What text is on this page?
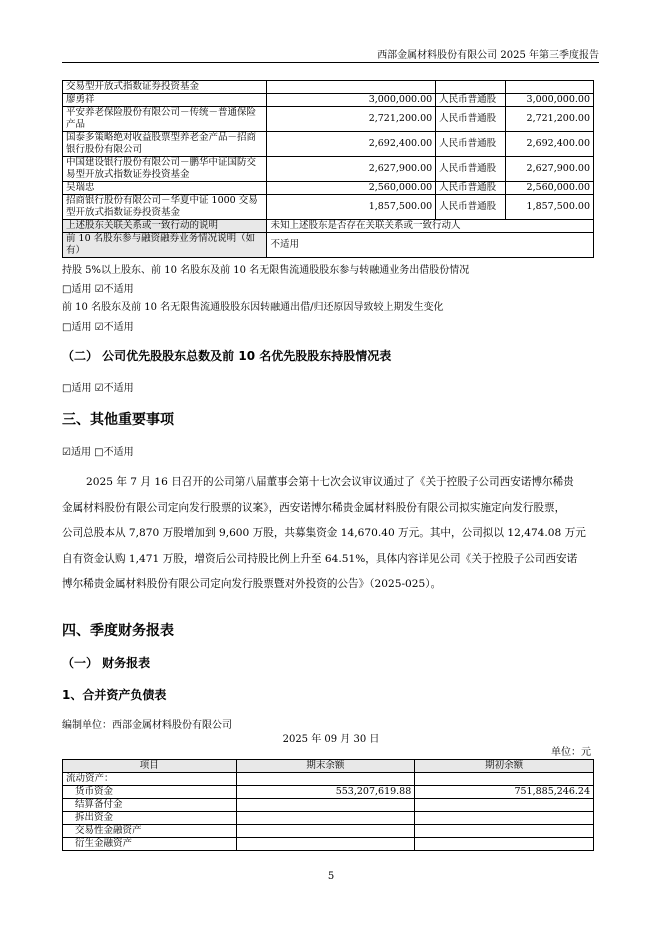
西部金属材料股份有限公司 2025 年第三季度报告
交易型开放式指数证券投资基金			
廖勇祥	3,000,000.00	人民币普通股	3,000,000.00
平安养老保险股份有限公司－传统－普通保险产品	2,721,200.00	人民币普通股	2,721,200.00
国泰多策略绝对收益股票型养老金产品－招商银行股份有限公司	2,692,400.00	人民币普通股	2,692,400.00
中国建设银行股份有限公司－鹏华中证国防交易型开放式指数证券投资基金	2,627,900.00	人民币普通股	2,627,900.00
吴瑞忠	2,560,000.00	人民币普通股	2,560,000.00
招商银行股份有限公司－华夏中证 1000 交易型开放式指数证券投资基金	1,857,500.00	人民币普通股	1,857,500.00
上述股东关联关系或一致行动的说明	未知上述股东是否存在关联关系或一致行动人		
前 10 名股东参与融资融券业务情况说明（如有）	不适用		
持股 5%以上股东、前 10 名股东及前 10 名无限售流通股股东参与转融通业务出借股份情况
□适用 ☑不适用
前 10 名股东及前 10 名无限售流通股股东因转融通出借/归还原因导致较上期发生变化
□适用 ☑不适用
（二） 公司优先股股东总数及前 10 名优先股股东持股情况表
□适用 ☑不适用
三、其他重要事项
☑适用 □不适用
2025 年 7 月 16 日召开的公司第八届董事会第十七次会议审议通过了《关于控股子公司西安诺博尔稀贵
金属材料股份有限公司定向发行股票的议案》，西安诺博尔稀贵金属材料股份有限公司拟实施定向发行股票，
公司总股本从 7,870 万股增加到 9,600 万股，共募集资金 14,670.40 万元。其中，公司拟以 12,474.08 万元
自有资金认购 1,471 万股，增资后公司持股比例上升至 64.51%，具体内容详见公司《关于控股子公司西安诺
博尔稀贵金属材料股份有限公司定向发行股票暨对外投资的公告》（2025-025）。
四、季度财务报表
（一） 财务报表
1、合并资产负债表
编制单位：西部金属材料股份有限公司
2025 年 09 月 30 日
单位：元
项目	期末余额	期初余额
流动资产：		
货币资金	553,207,619.88	751,885,246.24
结算备付金		
拆出资金		
交易性金融资产		
衍生金融资产		
5
